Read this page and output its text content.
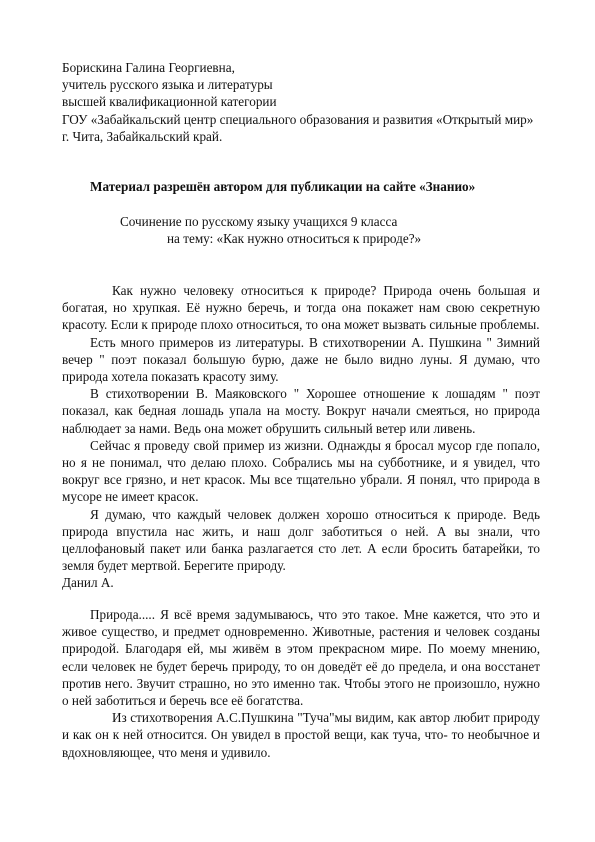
Борискина Галина Георгиевна,
учитель русского языка и литературы
высшей квалификационной категории
ГОУ «Забайкальский центр специального образования и развития «Открытый мир»
г. Чита, Забайкальский край.
Материал разрешён автором для публикации на сайте «Знанио»
Сочинение по русскому языку учащихся 9 класса
на тему: «Как нужно относиться к природе?»

Как нужно человеку относиться к природе? Природа очень большая и богатая, но хрупкая. Её нужно беречь, и тогда она покажет нам свою секретную красоту. Если к природе плохо относиться, то она может вызвать сильные проблемы.

Есть много примеров из литературы. В стихотворении А. Пушкина " Зимний вечер " поэт показал большую бурю, даже не было видно луны. Я думаю, что природа хотела показать красоту зиму.

В стихотворении В. Маяковского " Хорошее отношение к лошадям " поэт показал, как бедная лошадь упала на мосту. Вокруг начали смеяться, но природа наблюдает за нами. Ведь она может обрушить сильный ветер или ливень.

Сейчас я проведу свой пример из жизни. Однажды я бросал мусор где попало, но я не понимал, что делаю плохо. Собрались мы на субботнике, и я увидел, что вокруг все грязно, и нет красок. Мы все тщательно убрали. Я понял, что природа в мусоре не имеет красок.

Я думаю, что каждый человек должен хорошо относиться к природе. Ведь природа впустила нас жить, и наш долг заботиться о ней. А вы знали, что целлофановый пакет или банка разлагается сто лет. А если бросить батарейки, то земля будет мертвой. Берегите природу.

Данил А.

Природа..... Я всё время задумываюсь, что это такое. Мне кажется, что это и живое существо, и предмет одновременно. Животные, растения и человек созданы природой. Благодаря ей, мы живём в этом прекрасном мире. По моему мнению, если человек не будет беречь природу, то он доведёт её до предела, и она восстанет против него. Звучит страшно, но это именно так. Чтобы этого не произошло, нужно о ней заботиться и беречь все её богатства.

Из стихотворения А.С.Пушкина "Туча"мы видим, как автор любит природу и как он к ней относится. Он увидел в простой вещи, как туча, что- то необычное и вдохновляющее, что меня и удивило.
